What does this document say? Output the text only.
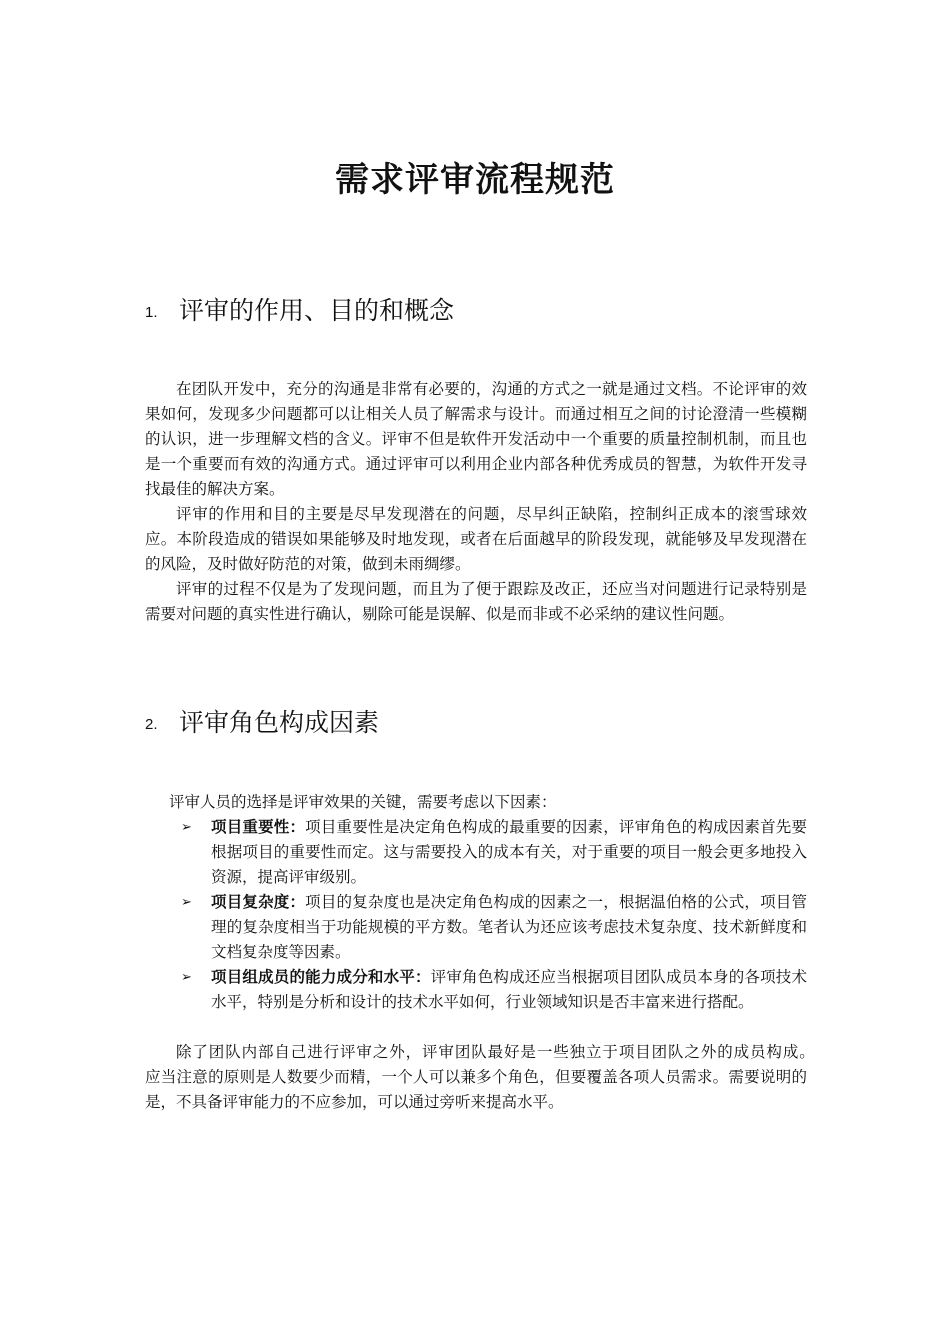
需求评审流程规范
1. 评审的作用、目的和概念

在团队开发中，充分的沟通是非常有必要的，沟通的方式之一就是通过文档。不论评审的效果如何，发现多少问题都可以让相关人员了解需求与设计。而通过相互之间的讨论澄清一些模糊的认识，进一步理解文档的含义。评审不但是软件开发活动中一个重要的质量控制机制，而且也是一个重要而有效的沟通方式。通过评审可以利用企业内部各种优秀成员的智慧，为软件开发寻找最佳的解决方案。

评审的作用和目的主要是尽早发现潜在的问题，尽早纠正缺陷，控制纠正成本的滚雪球效应。本阶段造成的错误如果能够及时地发现，或者在后面越早的阶段发现，就能够及早发现潜在的风险，及时做好防范的对策，做到未雨绸缪。

评审的过程不仅是为了发现问题，而且为了便于跟踪及改正，还应当对问题进行记录特别是需要对问题的真实性进行确认，剔除可能是误解、似是而非或不必采纳的建议性问题。

2. 评审角色构成因素

评审人员的选择是评审效果的关键，需要考虑以下因素：

➢ 项目重要性：项目重要性是决定角色构成的最重要的因素，评审角色的构成因素首先要根据项目的重要性而定。这与需要投入的成本有关，对于重要的项目一般会更多地投入资源，提高评审级别。
➢ 项目复杂度：项目的复杂度也是决定角色构成的因素之一，根据温伯格的公式，项目管理的复杂度相当于功能规模的平方数。笔者认为还应该考虑技术复杂度、技术新鲜度和文档复杂度等因素。
➢ 项目组成员的能力成分和水平：评审角色构成还应当根据项目团队成员本身的各项技术水平，特别是分析和设计的技术水平如何，行业领域知识是否丰富来进行搭配。

除了团队内部自己进行评审之外，评审团队最好是一些独立于项目团队之外的成员构成。　　应当注意的原则是人数要少而精，一个人可以兼多个角色，但要覆盖各项人员需求。需要说明的是，不具备评审能力的不应参加，可以通过旁听来提高水平。
